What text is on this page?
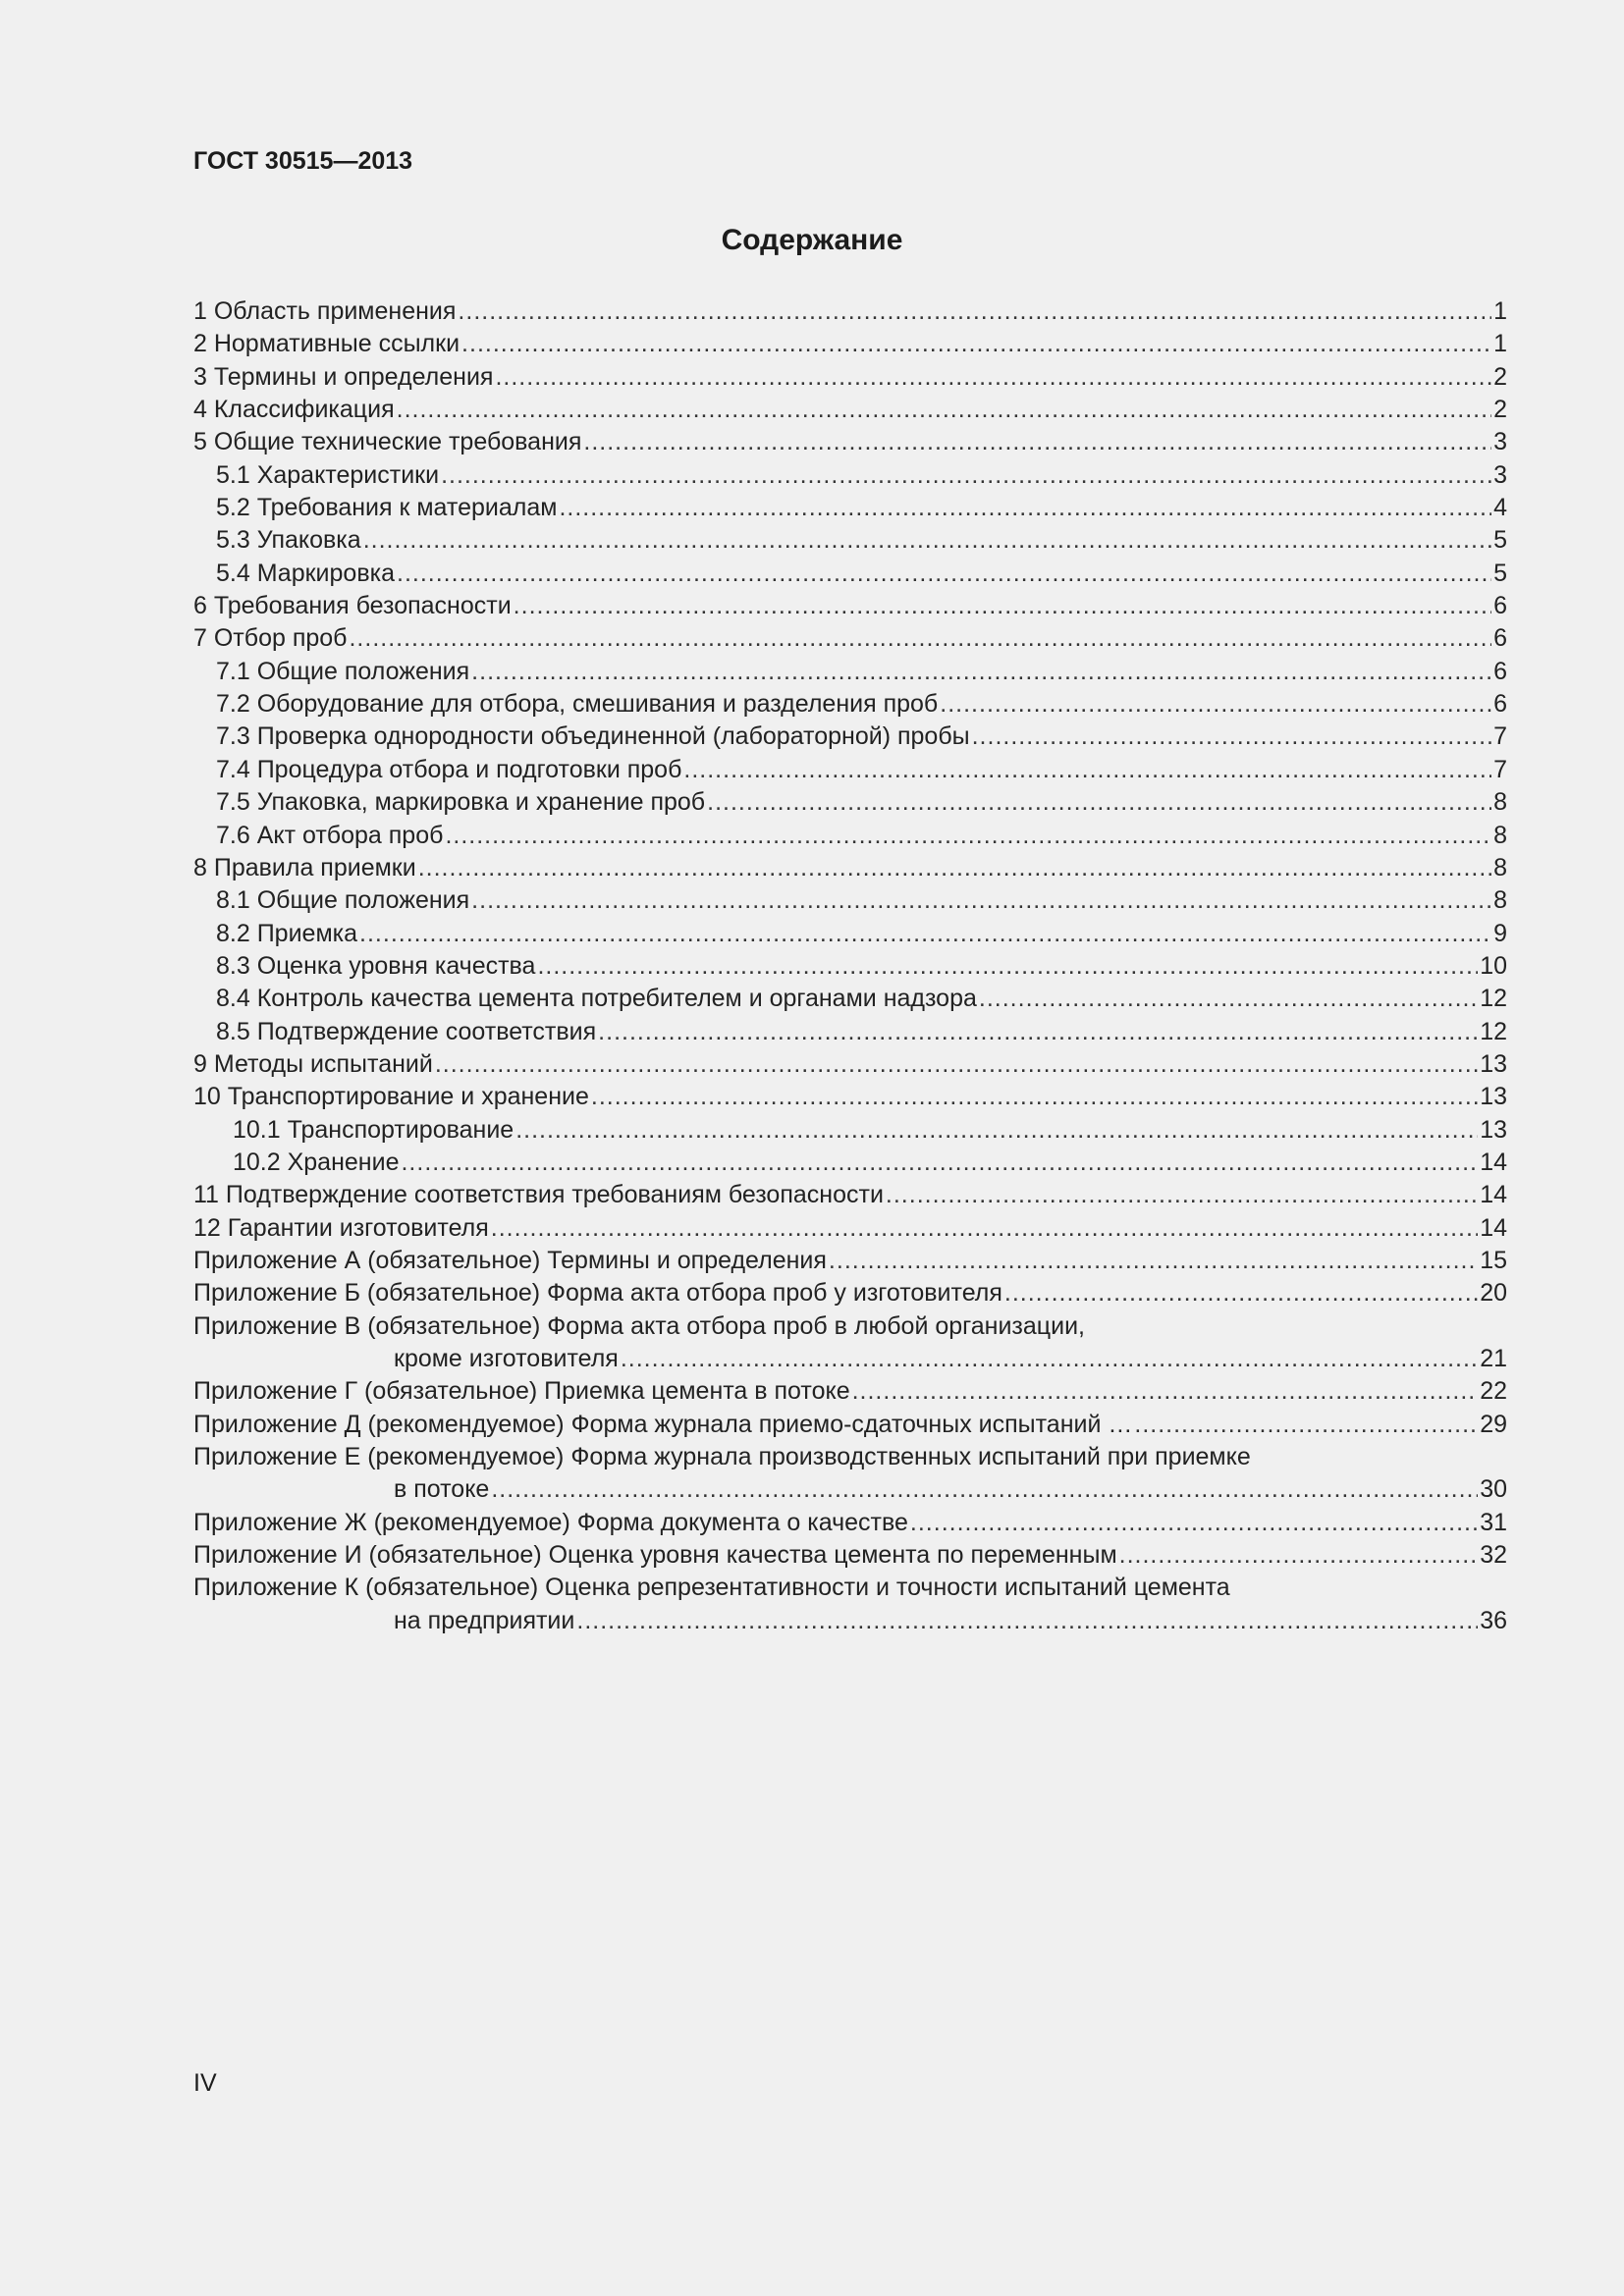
ГОСТ 30515—2013
Содержание
1 Область применения .....	1
2 Нормативные ссылки .....	1
3 Термины и определения .....	2
4 Классификация .....	2
5 Общие технические требования .....	3
5.1 Характеристики .....	3
5.2 Требования к материалам .....	4
5.3 Упаковка .....	5
5.4 Маркировка .....	5
6 Требования безопасности .....	6
7 Отбор проб .....	6
7.1 Общие положения .....	6
7.2 Оборудование для отбора, смешивания и разделения проб .....	6
7.3 Проверка однородности объединенной (лабораторной) пробы .....	7
7.4 Процедура отбора и подготовки проб .....	7
7.5 Упаковка, маркировка и хранение проб .....	8
7.6 Акт отбора проб .....	8
8 Правила приемки .....	8
8.1 Общие положения .....	8
8.2 Приемка .....	9
8.3 Оценка уровня качества .....	10
8.4 Контроль качества цемента потребителем и органами надзора .....	12
8.5 Подтверждение соответствия .....	12
9 Методы испытаний .....	13
10 Транспортирование и хранение .....	13
10.1 Транспортирование .....	13
10.2 Хранение .....	14
11 Подтверждение соответствия требованиям безопасности .....	14
12 Гарантии изготовителя .....	14
Приложение А (обязательное) Термины и определения .....	15
Приложение Б (обязательное) Форма акта отбора проб у изготовителя .....	20
Приложение В (обязательное) Форма акта отбора проб в любой организации,
кроме изготовителя .....	21
Приложение Г (обязательное) Приемка цемента в потоке .....	22
Приложение Д (рекомендуемое) Форма журнала приемо-сдаточных испытаний … .....	29
Приложение Е (рекомендуемое) Форма журнала производственных испытаний при приемке
в потоке .....	30
Приложение Ж (рекомендуемое) Форма документа о качестве .....	31
Приложение И (обязательное) Оценка уровня качества цемента по переменным .....	32
Приложение К (обязательное) Оценка репрезентативности и точности испытаний цемента
на предприятии .....	36
IV
